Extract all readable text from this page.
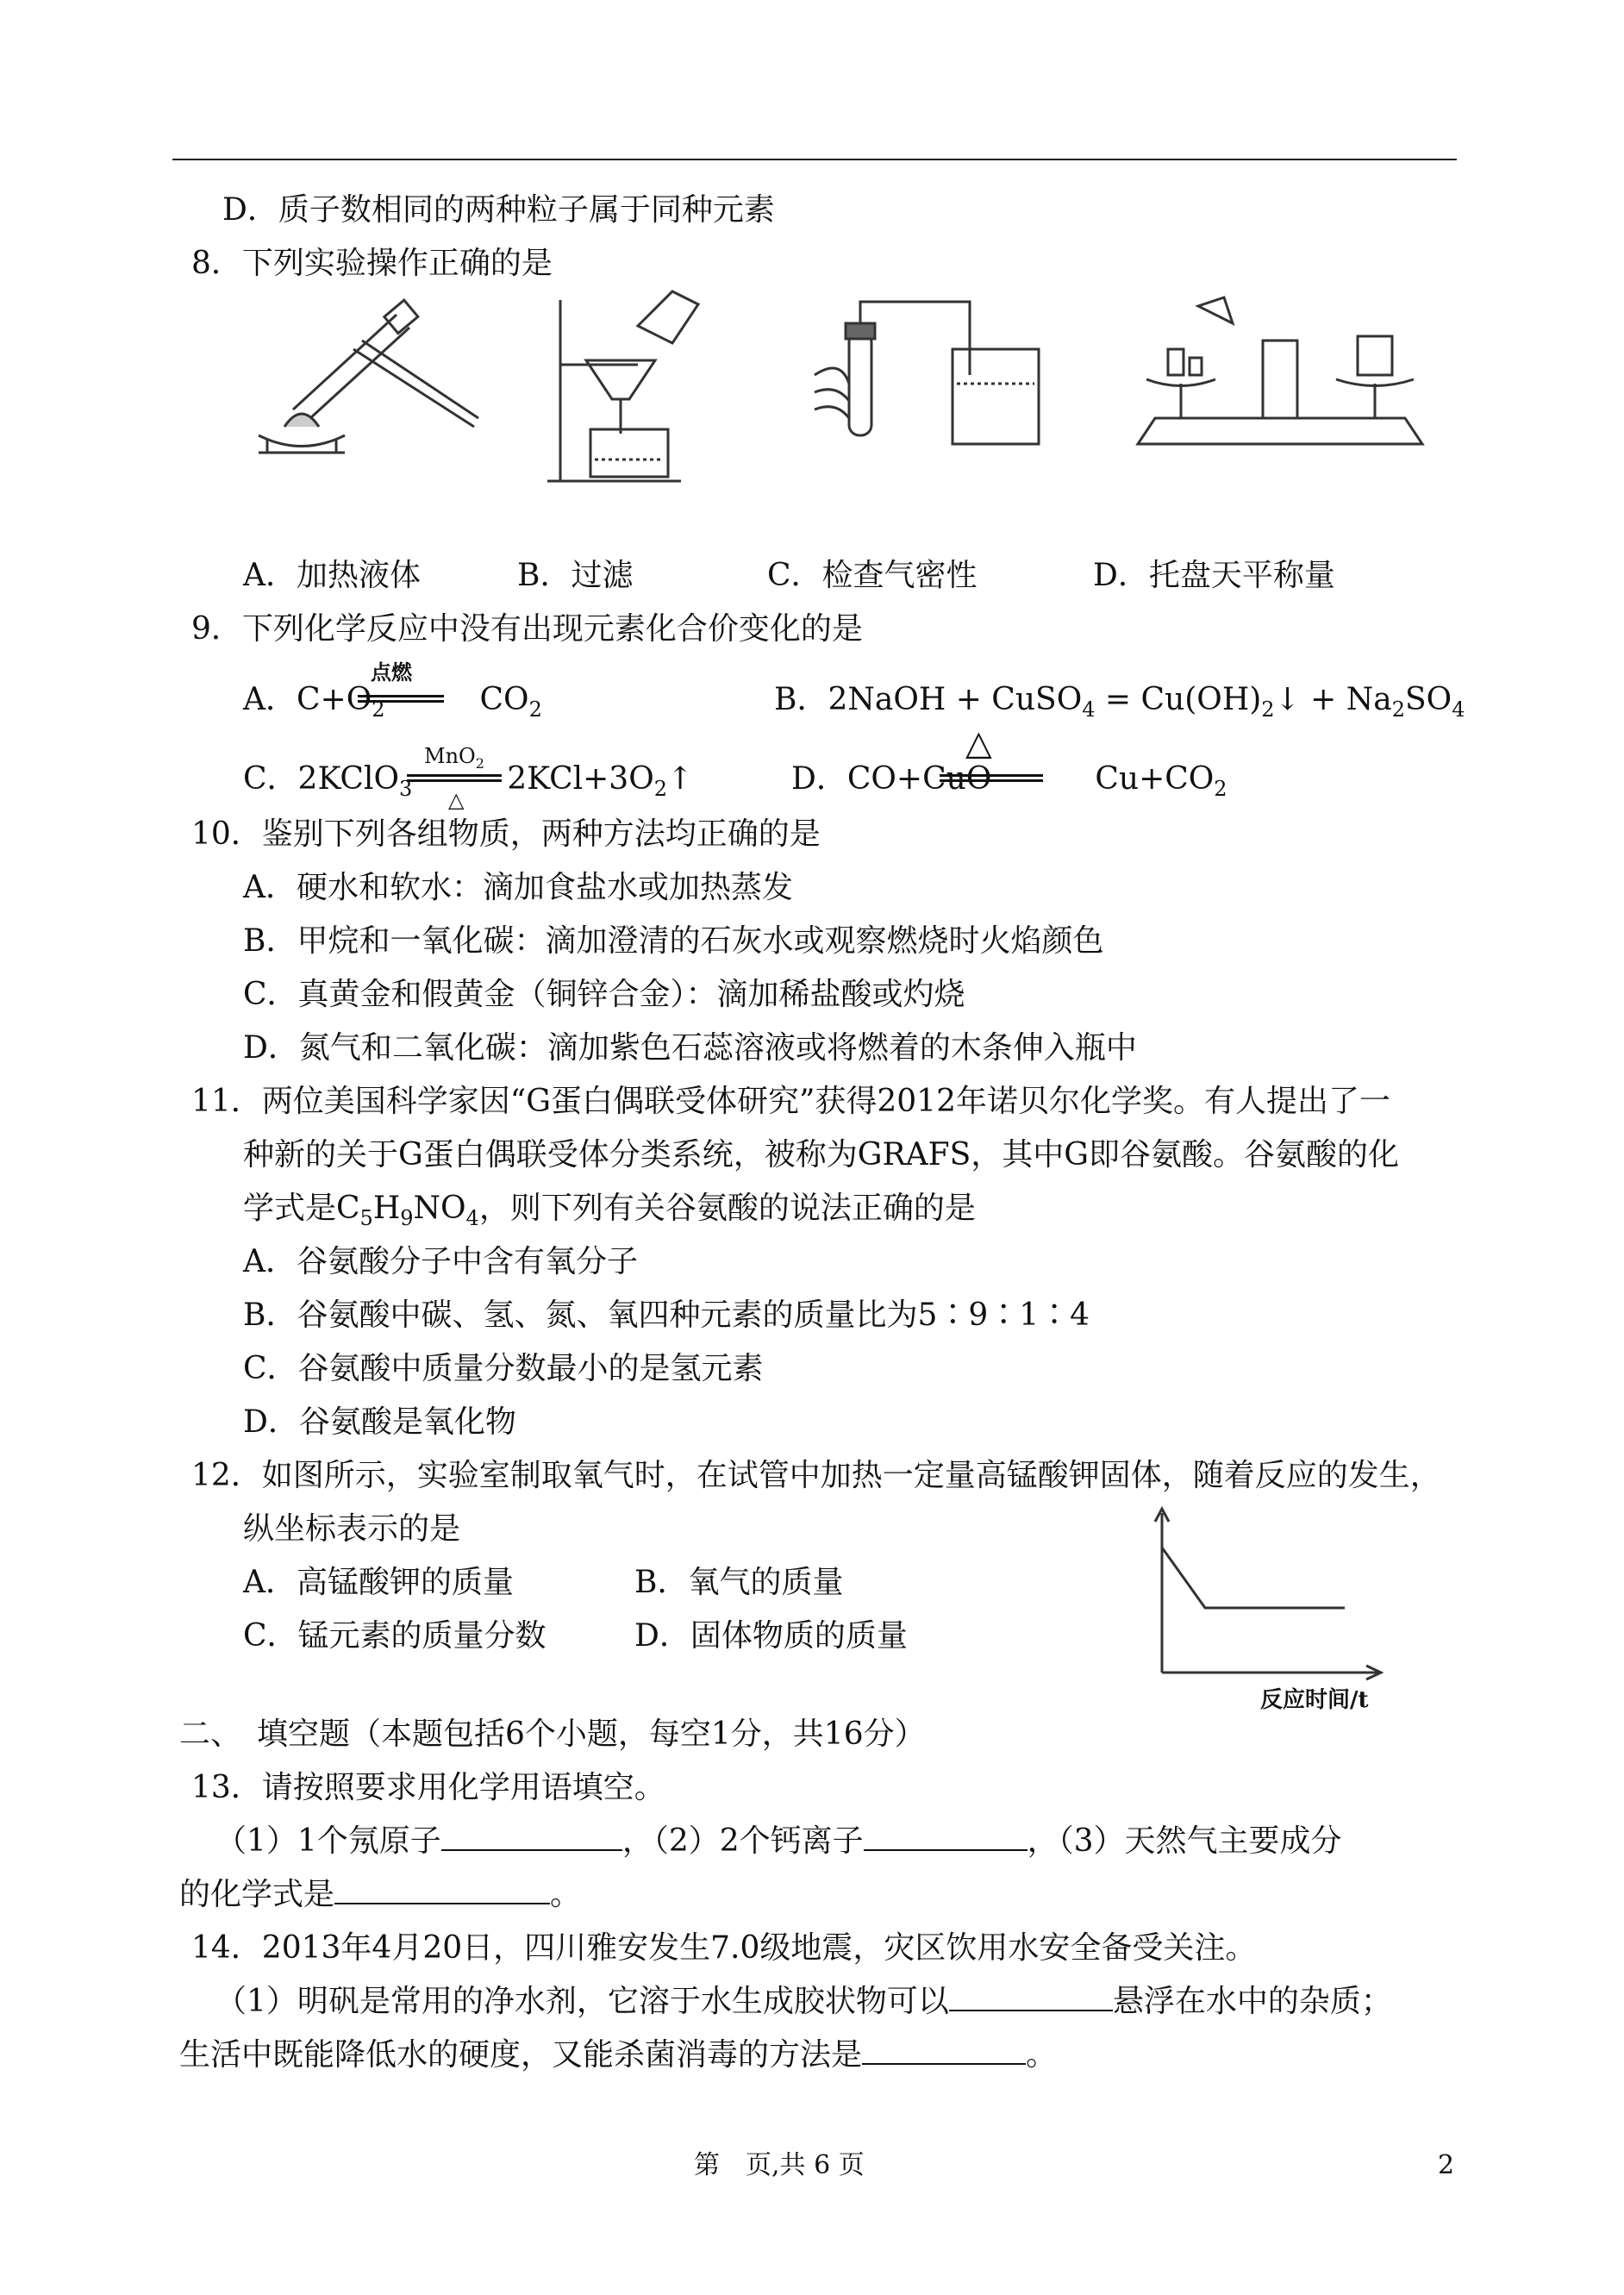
D．质子数相同的两种粒子属于同种元素
8．下列实验操作正确的是
A．加热液体	B．过滤	C．检查气密性	D．托盘天平称量
9．下列化学反应中没有出现元素化合价变化的是
A．$C+O_2$	$CO_2$
点燃
B．2NaOH + CuSO$_4$ = $Cu(OH)_2↓ + Na_2SO_4$
C．2KClO$_3$	$2KCl+3O_2↑$
MnO$_2$
△
D．CO+CuO	$Cu+CO_2$
△
10．鉴别下列各组物质，两种方法均正确的是
A．硬水和软水：滴加食盐水或加热蒸发
B．甲烷和一氧化碳：滴加澄清的石灰水或观察燃烧时火焰颜色
C．真黄金和假黄金（铜锌合金）：滴加稀盐酸或灼烧
D．氮气和二氧化碳：滴加紫色石蕊溶液或将燃着的木条伸入瓶中
11．两位美国科学家因“G蛋白偶联受体研究”获得2012年诺贝尔化学奖。有人提出了一
种新的关于G蛋白偶联受体分类系统，被称为GRAFS，其中G即谷氨酸。谷氨酸的化
学式是$C_5H_9NO_4$，则下列有关谷氨酸的说法正确的是
A．谷氨酸分子中含有氧分子
B．谷氨酸中碳、氢、氮、氧四种元素的质量比为5∶9∶1∶4
C．谷氨酸中质量分数最小的是氢元素
D．谷氨酸是氧化物
12．如图所示，实验室制取氧气时，在试管中加热一定量高锰酸钾固体，随着反应的发生，
纵坐标表示的是
A．高锰酸钾的质量	B．氧气的质量
C．锰元素的质量分数	D．固体物质的质量
反应时间/t
二、　填空题（本题包括6个小题，每空1分，共16分）
13．请按照要求用化学用语填空。
（1）1个氖原子	，（2）2个钙离子	，（3）天然气主要成分
的化学式是	。
14．2013年4月20日，四川雅安发生7.0级地震，灾区饮用水安全备受关注。
（1）明矾是常用的净水剂，它溶于水生成胶状物可以	悬浮在水中的杂质；
生活中既能降低水的硬度，又能杀菌消毒的方法是	。
第　页,共 6 页	2
